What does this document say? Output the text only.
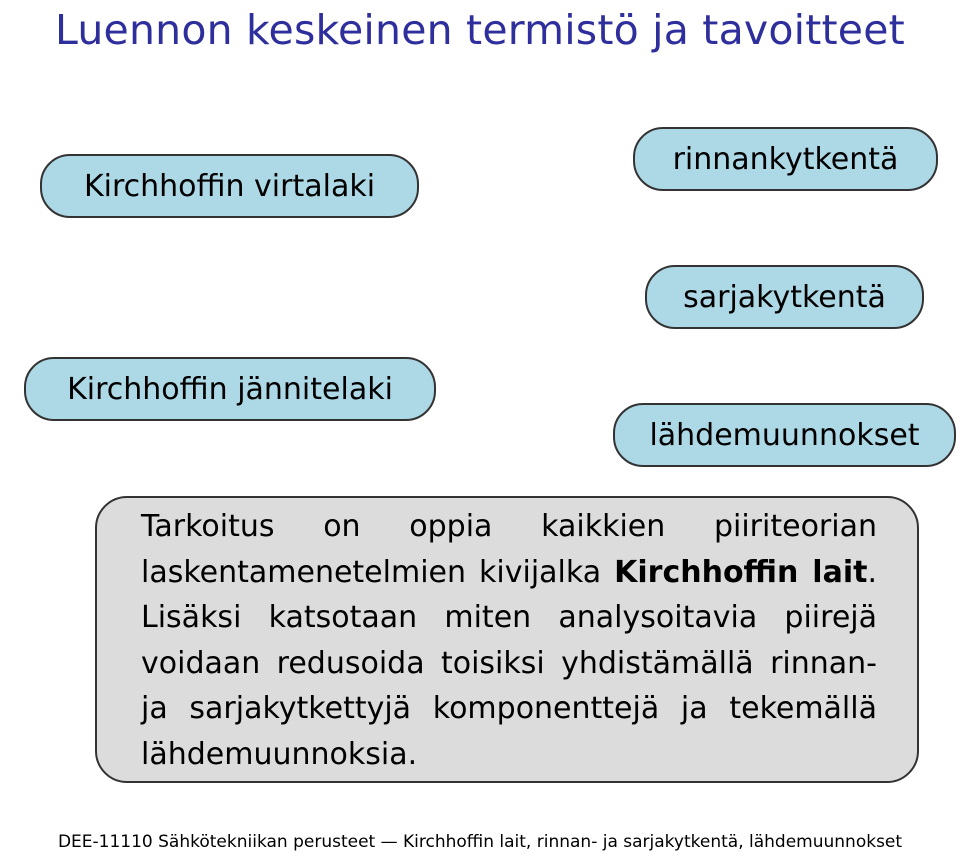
Luennon keskeinen termistö ja tavoitteet
Kirchhoffin virtalaki
rinnankytkentä
sarjakytkentä
Kirchhoffin jännitelaki
lähdemuunnokset
Tarkoitus on oppia kaikkien piiriteorian laskentamenetelmien kivijalka Kirchhoffin lait. Lisäksi katsotaan miten analysoitavia piirejä voidaan redusoida toisiksi yhdistämällä rinnan- ja sarjakytkettyjä komponenttejä ja tekemällä lähdemuunnoksia.
DEE-11110 Sähkötekniikan perusteet — Kirchhoffin lait, rinnan- ja sarjakytkentä, lähdemuunnokset
